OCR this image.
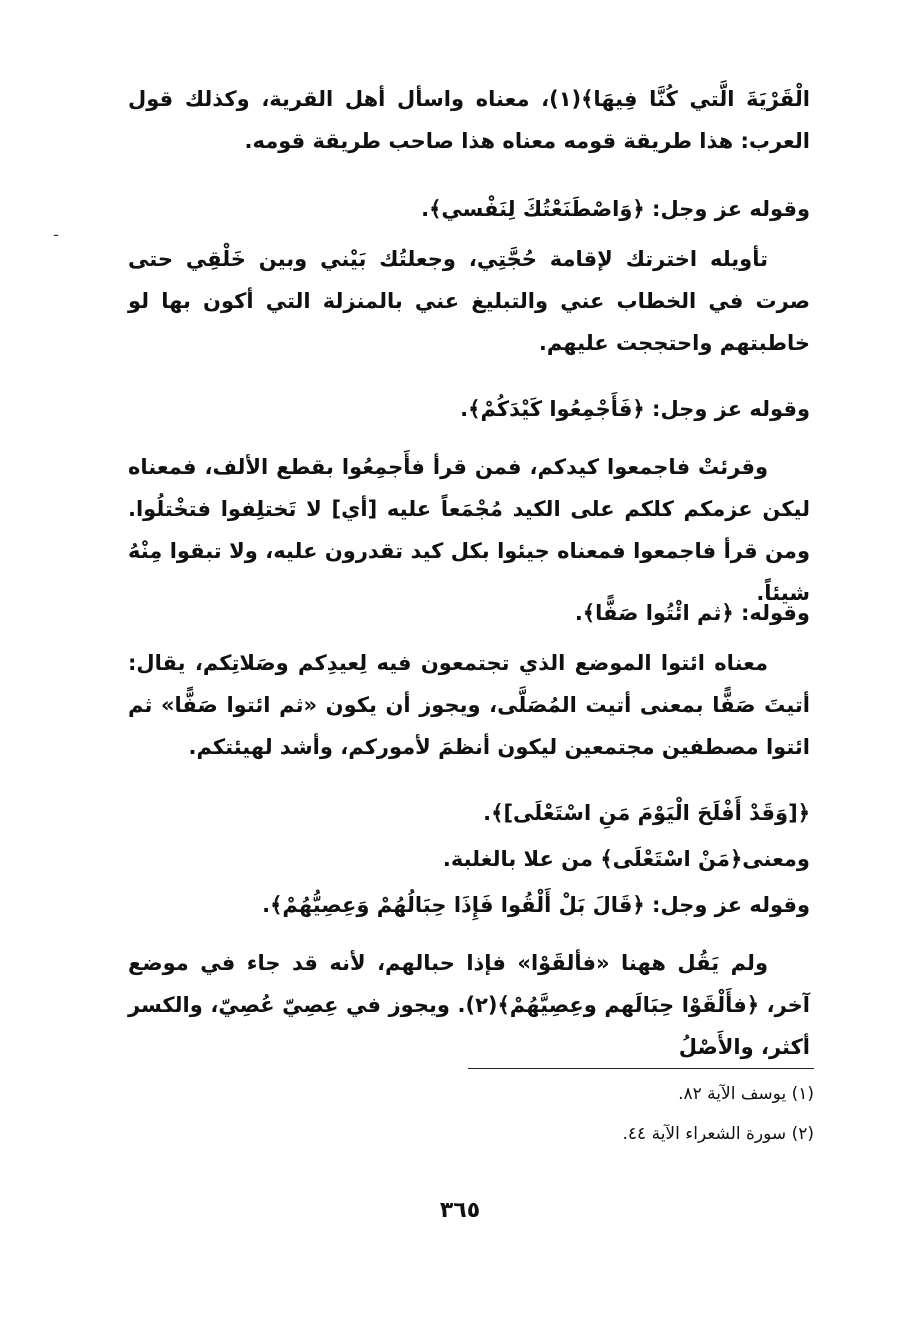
الْقَرْيَةَ الَّتي كُنَّا فِيهَا﴾(١)، معناه واسأل أهل القرية، وكذلك قول العرب: هذا طريقة قومه معناه هذا صاحب طريقة قومه.
وقوله عز وجل: ﴿وَاصْطَنَعْتُكَ لِنَفْسي﴾.
تأويله اخترتك لإقامة حُجَّتِي، وجعلتُك بَيْني وبين خَلْقِي حتى صرت في الخطاب عني والتبليغ عني بالمنزلة التي أكون بها لو خاطبتهم واحتججت عليهم.
وقوله عز وجل: ﴿فَأَجْمِعُوا كَيْدَكُمْ﴾.
وقرئتْ فاجمعوا كيدكم، فمن قرأ فأَجمِعُوا بقطع الألف، فمعناه ليكن عزمكم كلكم على الكيد مُجْمَعاً عليه [أي] لا تَختلِفوا فتخْتلُوا. ومن قرأ فاجمعوا فمعناه جيئوا بكل كيد تقدرون عليه، ولا تبقوا مِنْهُ شيئاً.
وقوله: ﴿ثم ائْتُوا صَفًّا﴾.
معناه ائتوا الموضع الذي تجتمعون فيه لِعيدِكم وصَلاتِكم، يقال: أتيتَ صَفًّا بمعنى أتيت المُصَلَّى، ويجوز أن يكون «ثم ائتوا صَفًّا» ثم ائتوا مصطفين مجتمعين ليكون أنظمَ لأموركم، وأشد لهيئتكم.
﴿[وَقَدْ أَفْلَحَ الْيَوْمَ مَنِ اسْتَعْلَى]﴾.
ومعنى﴿مَنْ اسْتَعْلَى﴾ من علا بالغلبة.
وقوله عز وجل: ﴿قَالَ بَلْ أَلْقُوا فَإِذَا حِبَالُهُمْ وَعِصِيُّهُمْ﴾.
ولم يَقُل ههنا «فألقَوْا» فإذا حبالهم، لأنه قد جاء في موضع آخر، ﴿فأَلْقَوْا حِبَالَهم وعِصِيَّهُمْ﴾(٢). ويجوز في عِصِيّ عُصِيّ، والكسر أكثر، والأَصْلُ
ـ
(١) يوسف الآية ٨٢.
(٢) سورة الشعراء الآية ٤٤.
٣٦٥
